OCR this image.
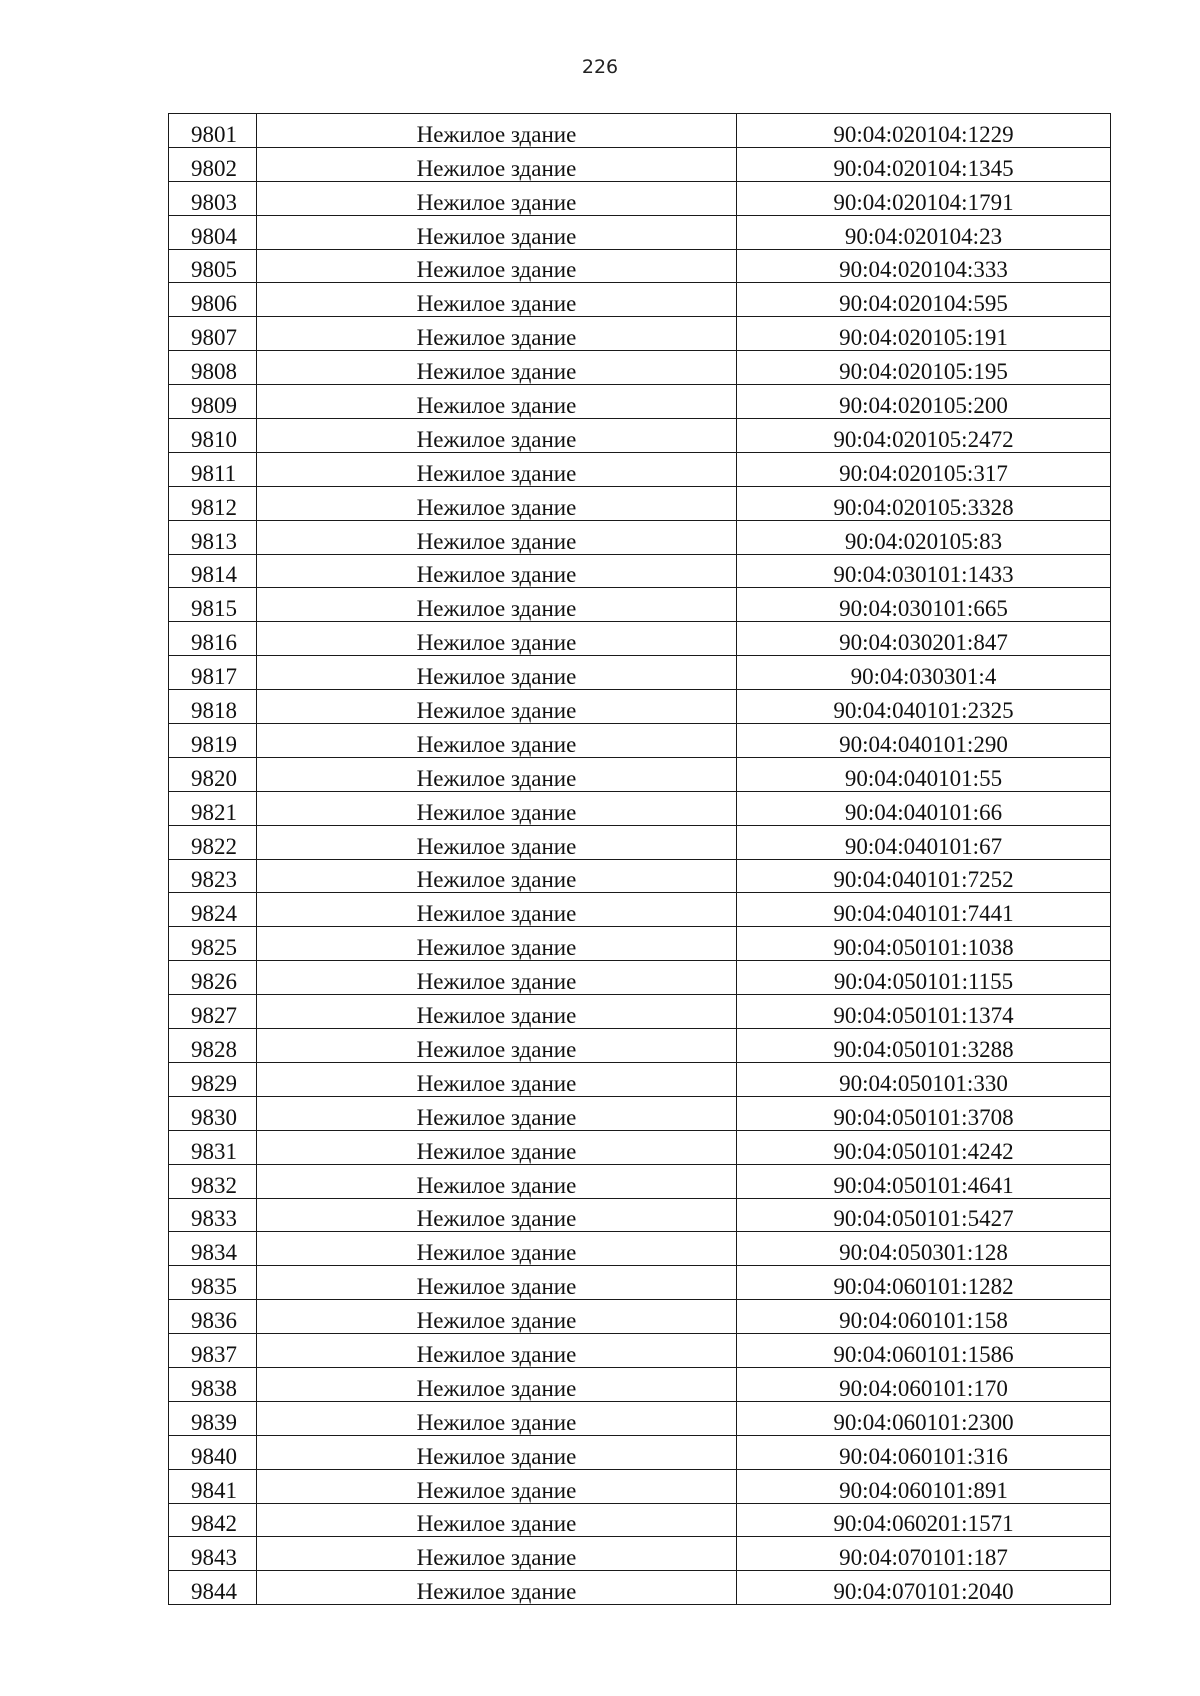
226
9801	Нежилое здание	90:04:020104:1229
9802	Нежилое здание	90:04:020104:1345
9803	Нежилое здание	90:04:020104:1791
9804	Нежилое здание	90:04:020104:23
9805	Нежилое здание	90:04:020104:333
9806	Нежилое здание	90:04:020104:595
9807	Нежилое здание	90:04:020105:191
9808	Нежилое здание	90:04:020105:195
9809	Нежилое здание	90:04:020105:200
9810	Нежилое здание	90:04:020105:2472
9811	Нежилое здание	90:04:020105:317
9812	Нежилое здание	90:04:020105:3328
9813	Нежилое здание	90:04:020105:83
9814	Нежилое здание	90:04:030101:1433
9815	Нежилое здание	90:04:030101:665
9816	Нежилое здание	90:04:030201:847
9817	Нежилое здание	90:04:030301:4
9818	Нежилое здание	90:04:040101:2325
9819	Нежилое здание	90:04:040101:290
9820	Нежилое здание	90:04:040101:55
9821	Нежилое здание	90:04:040101:66
9822	Нежилое здание	90:04:040101:67
9823	Нежилое здание	90:04:040101:7252
9824	Нежилое здание	90:04:040101:7441
9825	Нежилое здание	90:04:050101:1038
9826	Нежилое здание	90:04:050101:1155
9827	Нежилое здание	90:04:050101:1374
9828	Нежилое здание	90:04:050101:3288
9829	Нежилое здание	90:04:050101:330
9830	Нежилое здание	90:04:050101:3708
9831	Нежилое здание	90:04:050101:4242
9832	Нежилое здание	90:04:050101:4641
9833	Нежилое здание	90:04:050101:5427
9834	Нежилое здание	90:04:050301:128
9835	Нежилое здание	90:04:060101:1282
9836	Нежилое здание	90:04:060101:158
9837	Нежилое здание	90:04:060101:1586
9838	Нежилое здание	90:04:060101:170
9839	Нежилое здание	90:04:060101:2300
9840	Нежилое здание	90:04:060101:316
9841	Нежилое здание	90:04:060101:891
9842	Нежилое здание	90:04:060201:1571
9843	Нежилое здание	90:04:070101:187
9844	Нежилое здание	90:04:070101:2040
